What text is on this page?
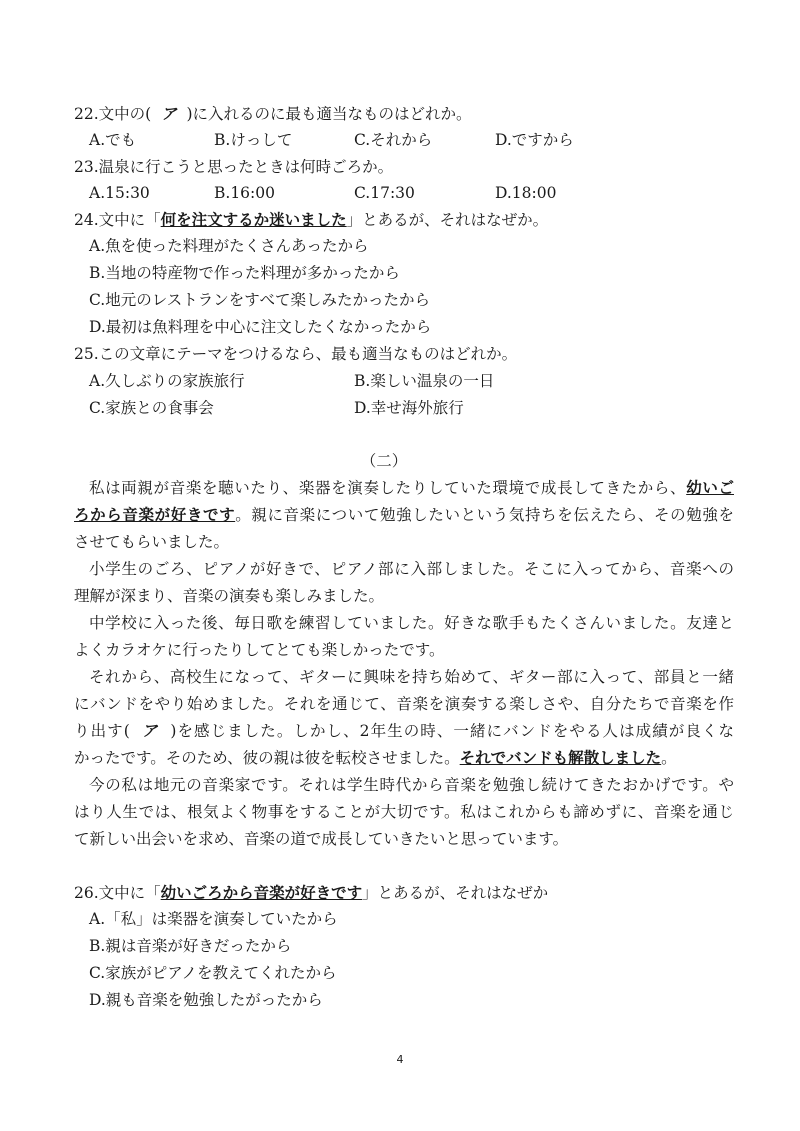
22.文中の( ア )に入れるのに最も適当なものはどれか。
A.でも	B.けっして	C.それから	D.ですから
23.温泉に行こうと思ったときは何時ごろか。
A.15:30	B.16:00	C.17:30	D.18:00
24.文中に「何を注文するか迷いました」とあるが、それはなぜか。
A.魚を使った料理がたくさんあったから
B.当地の特産物で作った料理が多かったから
C.地元のレストランをすべて楽しみたかったから
D.最初は魚料理を中心に注文したくなかったから
25.この文章にテーマをつけるなら、最も適当なものはどれか。
A.久しぶりの家族旅行	B.楽しい温泉の一日
C.家族との食事会	D.幸せ海外旅行
（二）
私は両親が音楽を聴いたり、楽器を演奏したりしていた環境で成長してきたから、幼いご
ろから音楽が好きです。親に音楽について勉強したいという気持ちを伝えたら、その勉強を
させてもらいました。
小学生のごろ、ピアノが好きで、ピアノ部に入部しました。そこに入ってから、音楽への
理解が深まり、音楽の演奏も楽しみました。
中学校に入った後、毎日歌を練習していました。好きな歌手もたくさんいました。友達と
よくカラオケに行ったりしてとても楽しかったです。
それから、高校生になって、ギターに興味を持ち始めて、ギター部に入って、部員と一緒
にバンドをやり始めました。それを通じて、音楽を演奏する楽しさや、自分たちで音楽を作
り出す( ア )を感じました。しかし、2年生の時、一緒にバンドをやる人は成績が良くな
かったです。そのため、彼の親は彼を転校させました。それでバンドも解散しました。
今の私は地元の音楽家です。それは学生時代から音楽を勉強し続けてきたおかげです。や
はり人生では、根気よく物事をすることが大切です。私はこれからも諦めずに、音楽を通じ
て新しい出会いを求め、音楽の道で成長していきたいと思っています。
26.文中に「幼いごろから音楽が好きです」とあるが、それはなぜか
A.「私」は楽器を演奏していたから
B.親は音楽が好きだったから
C.家族がピアノを教えてくれたから
D.親も音楽を勉強したがったから
4
